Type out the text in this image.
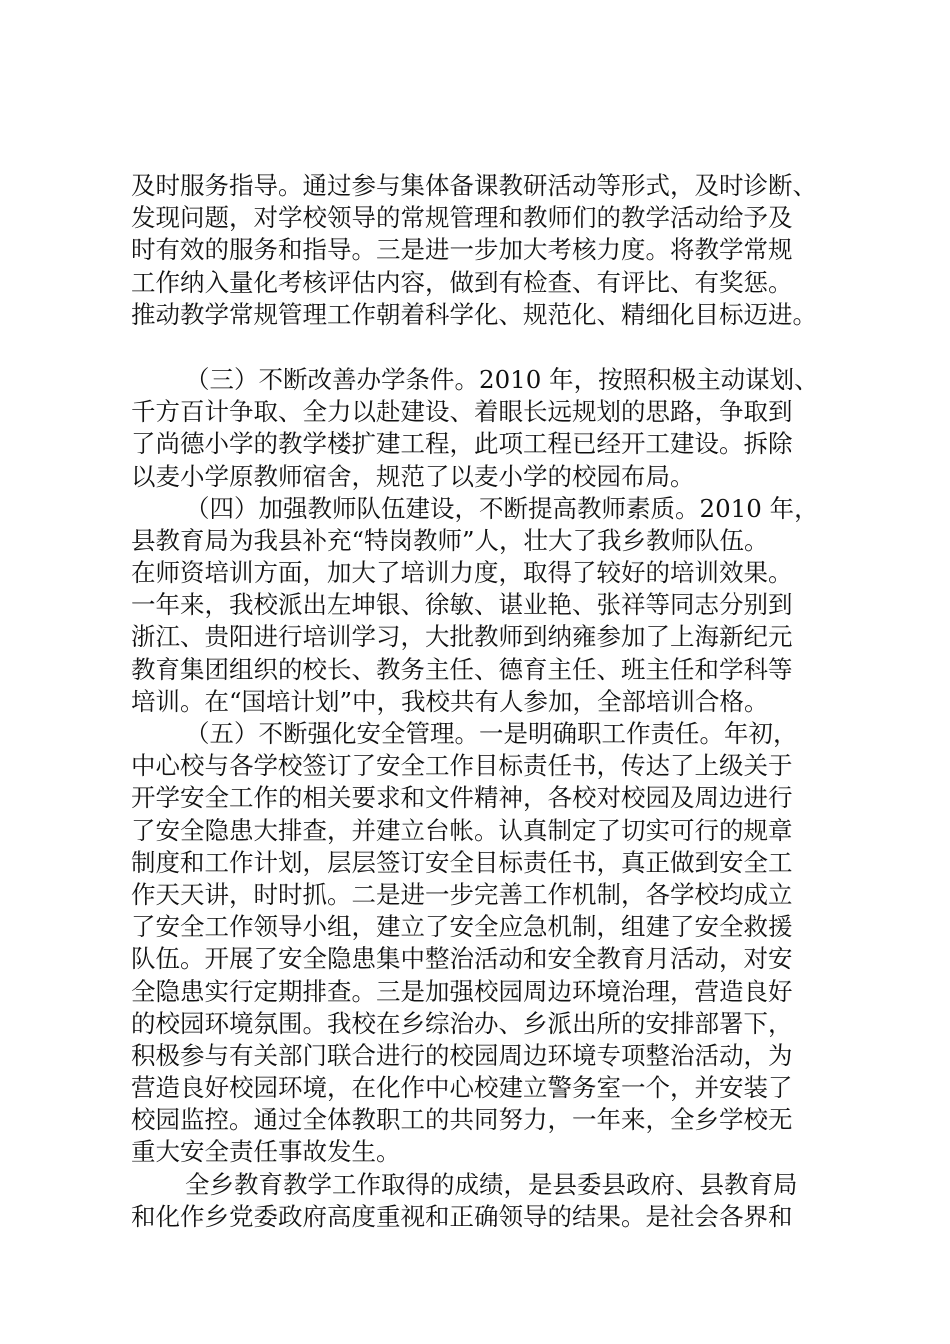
及时服务指导。通过参与集体备课教研活动等形式，及时诊断、
发现问题，对学校领导的常规管理和教师们的教学活动给予及
时有效的服务和指导。三是进一步加大考核力度。将教学常规
工作纳入量化考核评估内容，做到有检查、有评比、有奖惩。
推动教学常规管理工作朝着科学化、规范化、精细化目标迈进。
（三）不断改善办学条件。2010 年，按照积极主动谋划、
千方百计争取、全力以赴建设、着眼长远规划的思路，争取到
了尚德小学的教学楼扩建工程，此项工程已经开工建设。拆除
以麦小学原教师宿舍，规范了以麦小学的校园布局。
（四）加强教师队伍建设，不断提高教师素质。2010 年，
县教育局为我县补充“特岗教师”人，壮大了我乡教师队伍。
在师资培训方面，加大了培训力度，取得了较好的培训效果。
一年来，我校派出左坤银、徐敏、谌业艳、张祥等同志分别到
浙江、贵阳进行培训学习，大批教师到纳雍参加了上海新纪元
教育集团组织的校长、教务主任、德育主任、班主任和学科等
培训。在“国培计划”中，我校共有人参加，全部培训合格。
（五）不断强化安全管理。一是明确职工作责任。年初，
中心校与各学校签订了安全工作目标责任书，传达了上级关于
开学安全工作的相关要求和文件精神，各校对校园及周边进行
了安全隐患大排查，并建立台帐。认真制定了切实可行的规章
制度和工作计划，层层签订安全目标责任书，真正做到安全工
作天天讲，时时抓。二是进一步完善工作机制，各学校均成立
了安全工作领导小组，建立了安全应急机制，组建了安全救援
队伍。开展了安全隐患集中整治活动和安全教育月活动，对安
全隐患实行定期排查。三是加强校园周边环境治理，营造良好
的校园环境氛围。我校在乡综治办、乡派出所的安排部署下，
积极参与有关部门联合进行的校园周边环境专项整治活动，为
营造良好校园环境，在化作中心校建立警务室一个，并安装了
校园监控。通过全体教职工的共同努力，一年来，全乡学校无
重大安全责任事故发生。
全乡教育教学工作取得的成绩，是县委县政府、县教育局
和化作乡党委政府高度重视和正确领导的结果。是社会各界和
